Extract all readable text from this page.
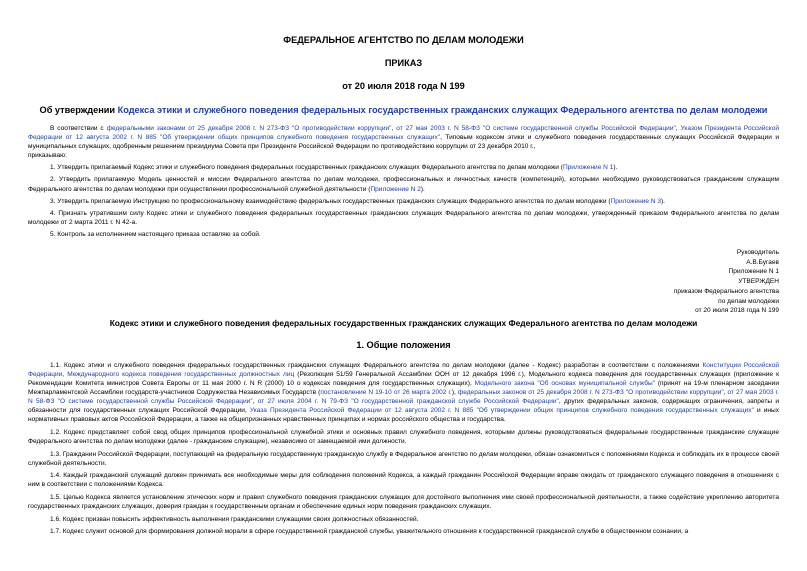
ФЕДЕРАЛЬНОЕ АГЕНТСТВО ПО ДЕЛАМ МОЛОДЕЖИ
ПРИКАЗ
от 20 июля 2018 года N 199
Об утверждении Кодекса этики и служебного поведения федеральных государственных гражданских служащих Федерального агентства по делам молодежи

В соответствии с федеральными законами от 25 декабря 2008 г. N 273-ФЗ "О противодействии коррупции", от 27 мая 2003 г. N 58-ФЗ "О системе государственной службы Российской Федерации", Указом Президента Российской Федерации от 12 августа 2002 г. N 885 "Об утверждении общих принципов служебного поведения государственных служащих", Типовым кодексом этики и служебного поведения государственных служащих Российской Федерации и муниципальных служащих, одобренным решением президиума Совета при Президенте Российской Федерации по противодействию коррупции от 23 декабря 2010 г.,

приказываю:

1. Утвердить прилагаемый Кодекс этики и служебного поведения федеральных государственных гражданских служащих Федерального агентства по делам молодежи (Приложение N 1).

2. Утвердить прилагаемую Модель ценностей и миссии Федерального агентства по делам молодежи, профессиональных и личностных качеств (компетенций), которыми необходимо руководствоваться гражданским служащим Федерального агентства по делам молодежи при осуществлении профессиональной служебной деятельности (Приложение N 2).

3. Утвердить прилагаемую Инструкцию по профессиональному взаимодействию федеральных государственных гражданских служащих Федерального агентства по делам молодежи (Приложение N 3).

4. Признать утратившим силу Кодекс этики и служебного поведения федеральных государственных гражданских служащих Федерального агентства по делам молодежи, утвержденный приказом Федерального агентства по делам молодежи от 2 марта 2011 г. N 42-а.

5. Контроль за исполнением настоящего приказа оставляю за собой.

Руководитель
А.В.Бугаев
Приложение N 1
УТВЕРЖДЕН
приказом Федерального агентства
по делам молодежи
от 20 июля 2018 года N 199
Кодекс этики и служебного поведения федеральных государственных гражданских служащих Федерального агентства по делам молодежи
1. Общие положения

1.1. Кодекс этики и служебного поведения федеральных государственных гражданских служащих Федерального агентства по делам молодежи (далее - Кодекс) разработан в соответствии с положениями Конституции Российской Федерации, Международного кодекса поведения государственных должностных лиц (Резолюция 51/59 Генеральной Ассамблеи ООН от 12 декабря 1996 г.), Модельного кодекса поведения для государственных служащих (приложение к Рекомендации Комитета министров Совета Европы от 11 мая 2000 г. N R (2000) 10 о кодексах поведения для государственных служащих), Модельного закона "Об основах муниципальной службы" (принят на 19-м пленарном заседании Межпарламентской Ассамблеи государств-участников Содружества Независимых Государств (постановление N 19-10 от 26 марта 2002 г.), федеральных законов от 25 декабря 2008 г. N 273-ФЗ "О противодействии коррупции", от 27 мая 2003 г. N 58-ФЗ "О системе государственной службы Российской Федерации", от 27 июля 2004 г. N 79-ФЗ "О государственной гражданской службе Российской Федерации", других федеральных законов, содержащих ограничения, запреты и обязанности для государственных служащих Российской Федерации, Указа Президента Российской Федерации от 12 августа 2002 г. N 885 "Об утверждении общих принципов служебного поведения государственных служащих" и иных нормативных правовых актов Российской Федерации, а также на общепризнанных нравственных принципах и нормах российского общества и государства.

1.2. Кодекс представляет собой свод общих принципов профессиональной служебной этики и основных правил служебного поведения, которыми должны руководствоваться федеральные государственные гражданские служащие Федерального агентства по делам молодежи (далее - гражданские служащие), независимо от замещаемой ими должности.

1.3. Гражданин Российской Федерации, поступающий на федеральную государственную гражданскую службу в Федеральное агентство по делам молодежи, обязан ознакомиться с положениями Кодекса и соблюдать их в процессе своей служебной деятельности.

1.4. Каждый гражданский служащий должен принимать все необходимые меры для соблюдения положений Кодекса, а каждый гражданин Российской Федерации вправе ожидать от гражданского служащего поведения в отношениях с ним в соответствии с положениями Кодекса.

1.5. Целью Кодекса является установление этических норм и правил служебного поведения гражданских служащих для достойного выполнения ими своей профессиональной деятельности, а также содействие укреплению авторитета государственных гражданских служащих, доверия граждан к государственным органам и обеспечение единых норм поведения гражданских служащих.

1.6. Кодекс призван повысить эффективность выполнения гражданскими служащими своих должностных обязанностей.

1.7. Кодекс служит основой для формирования должной морали в сфере государственной гражданской службы, уважительного отношения к государственной гражданской службе в общественном сознании, а
